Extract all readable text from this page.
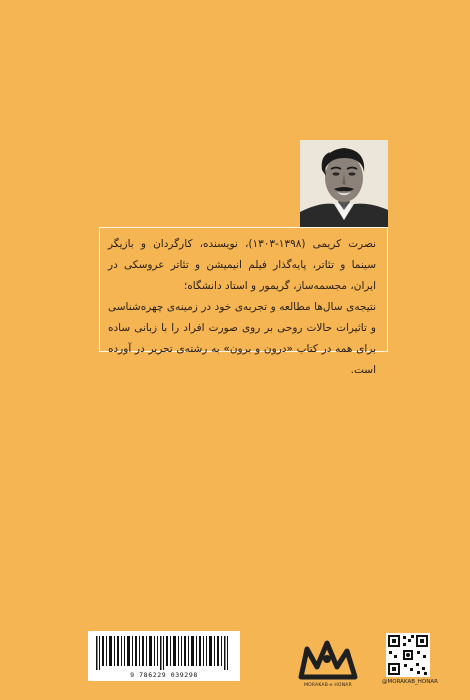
نصرت کریمی (۱۳۹۸-۱۳۰۳)، نویسنده، کارگردان و بازیگر سینما و تئاتر، پایه‌گذار فیلم انیمیشن و تئاتر عروسکی در ایران، مجسمه‌ساز، گریمور و استاد دانشگاه؛

نتیجه‌ی سال‌ها مطالعه و تجربه‌ی خود در زمینه‌ی چهره‌شناسی و تاثیرات حالات روحی بر روی صورت افراد را با زبانی ساده برای همه در کتاب «درون و برون» به رشته‌ی تحریر در آورده است.

9 786229 039298
MORAKAB-e HONAR
@MORAKAB_HONAR
